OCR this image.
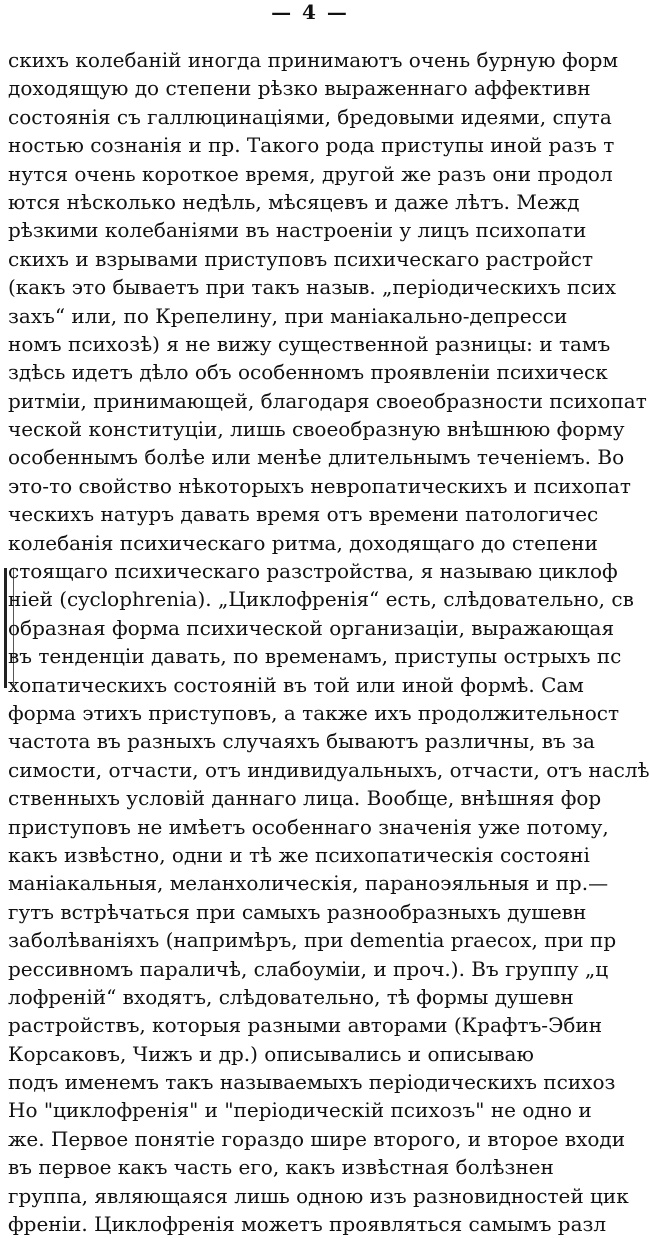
— 4 —
скихъ колебаній иногда принимаютъ очень бурную форм
доходящую до степени рѣзко выраженнаго аффективн
состоянія съ галлюцинаціями, бредовыми идеями, спута
ностью сознанія и пр. Такого рода приступы иной разъ т
нутся очень короткое время, другой же разъ они продол
ются нѣсколько недѣль, мѣсяцевъ и даже лѣтъ. Межд
рѣзкими колебаніями въ настроеніи у лицъ психопати
скихъ и взрывами приступовъ психическаго растройст
(какъ это бываетъ при такъ назыв. „періодическихъ псих
захъ“ или, по Крепелину, при маніакально-депресси
номъ психозѣ) я не вижу существенной разницы: и тамъ
здѣсь идетъ дѣло объ особенномъ проявленіи психическ
ритміи, принимающей, благодаря своеобразности психопат
ческой конституціи, лишь своеобразную внѣшнюю форму
особеннымъ болѣе или менѣе длительнымъ теченіемъ. Во
это-то свойство нѣкоторыхъ невропатическихъ и психопат
ческихъ натуръ давать время отъ времени патологичес
колебанія психическаго ритма, доходящаго до степени
стоящаго психическаго разстройства, я называю циклоф
ніей (cyclophrenia). „Циклофренія“ есть, слѣдовательно, св
образная форма психической организаціи, выражающая
въ тенденціи давать, по временамъ, приступы острыхъ пс
хопатическихъ состояній въ той или иной формѣ. Сам
форма этихъ приступовъ, а также ихъ продолжительност
частота въ разныхъ случаяхъ бываютъ различны, въ за
симости, отчасти, отъ индивидуальныхъ, отчасти, отъ наслѣ
ственныхъ условій даннаго лица. Вообще, внѣшняя фор
приступовъ не имѣетъ особеннаго значенія уже потому,
какъ извѣстно, одни и тѣ же психопатическія состояні
маніакальныя, меланхолическія, параноэяльныя и пр.—
гутъ встрѣчаться при самыхъ разнообразныхъ душевн
заболѣваніяхъ (напримѣръ, при dementia praecox, при пр
рессивномъ параличѣ, слабоуміи, и проч.). Въ группу „ц
лофреній“ входятъ, слѣдовательно, тѣ формы душевн
растройствъ, которыя разными авторами (Крафтъ-Эбин
Корсаковъ, Чижъ и др.) описывались и описываю
подъ именемъ такъ называемыхъ періодическихъ психоз
Но "циклофренія" и "періодическій психозъ" не одно и
же. Первое понятіе гораздо шире второго, и второе входи
въ первое какъ часть его, какъ извѣстная болѣзнен
группа, являющаяся лишь одною изъ разновидностей цик
френіи. Циклофренія можетъ проявляться самымъ разл
